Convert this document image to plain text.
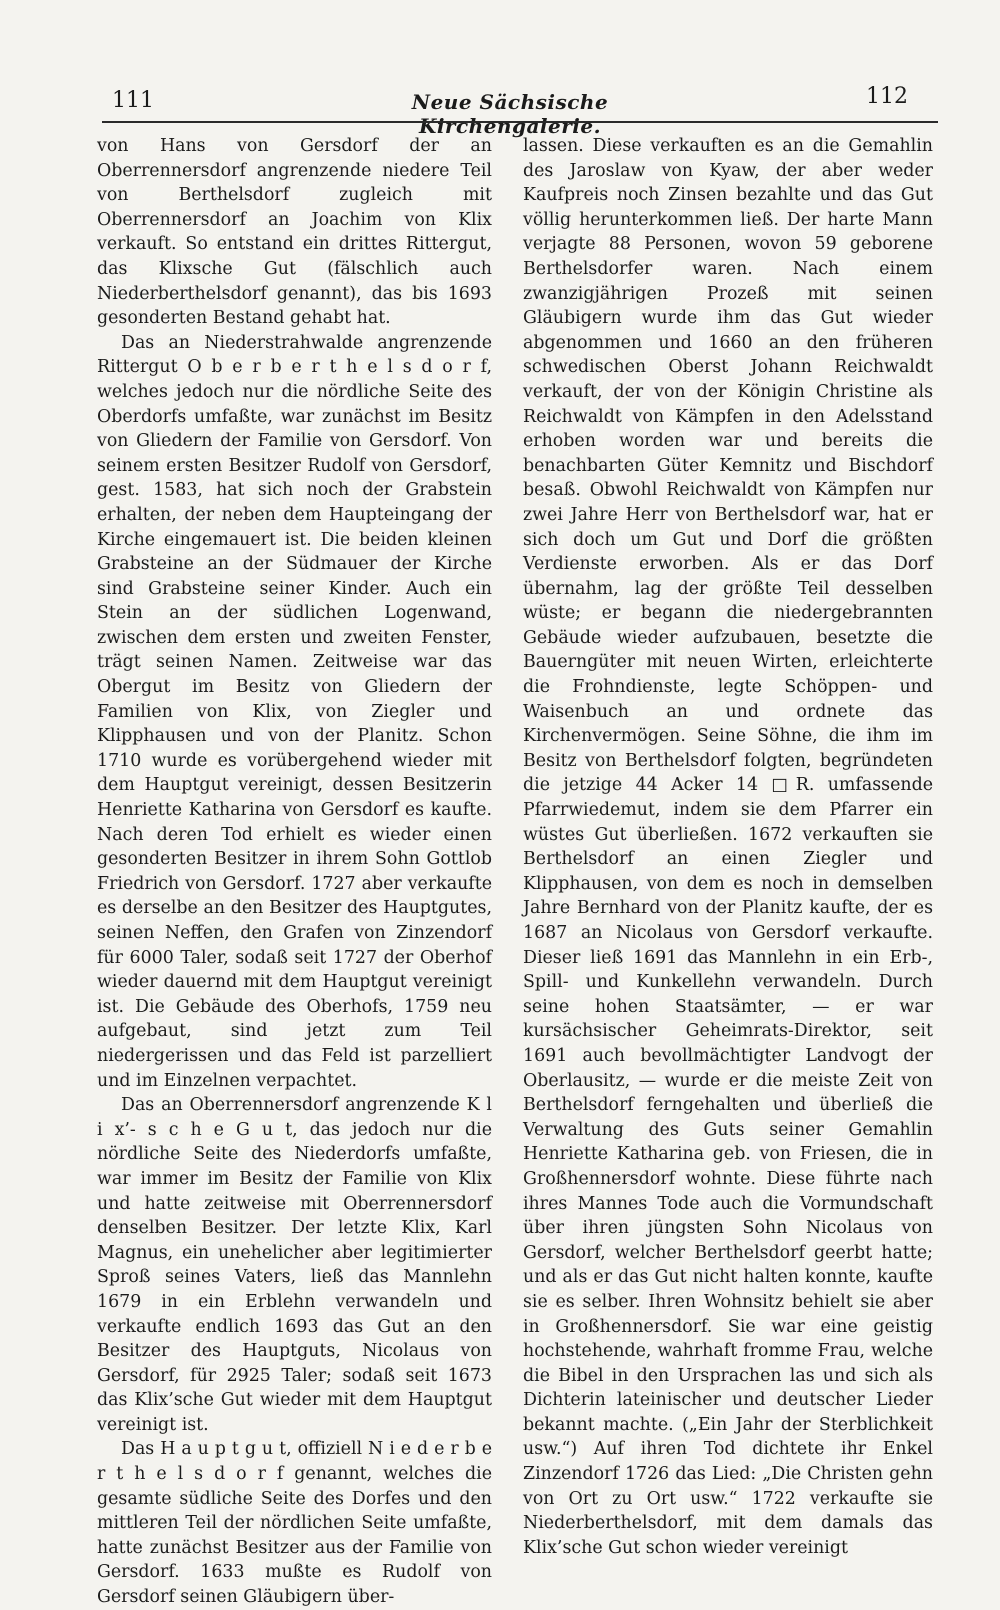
111	Neue Sächsische Kirchengalerie.
112

von Hans von Gersdorf der an Oberrennersdorf angrenzende niedere Teil von Berthelsdorf zugleich mit Oberrennersdorf an Joachim von Klix verkauft. So entstand ein drittes Rittergut, das Klixsche Gut (fälschlich auch Niederberthelsdorf genannt), das bis 1693 gesonderten Bestand gehabt hat.

Das an Niederstrahwalde angrenzende Rittergut O b e r b e r t h e l s d o r f, welches jedoch nur die nördliche Seite des Oberdorfs umfaßte, war zunächst im Besitz von Gliedern der Familie von Gersdorf. Von seinem ersten Besitzer Rudolf von Gersdorf, gest. 1583, hat sich noch der Grabstein erhalten, der neben dem Haupteingang der Kirche eingemauert ist. Die beiden kleinen Grabsteine an der Südmauer der Kirche sind Grabsteine seiner Kinder. Auch ein Stein an der südlichen Logenwand, zwischen dem ersten und zweiten Fenster, trägt seinen Namen. Zeitweise war das Obergut im Besitz von Gliedern der Familien von Klix, von Ziegler und Klipphausen und von der Planitz. Schon 1710 wurde es vorübergehend wieder mit dem Hauptgut vereinigt, dessen Besitzerin Henriette Katharina von Gersdorf es kaufte. Nach deren Tod erhielt es wieder einen gesonderten Besitzer in ihrem Sohn Gottlob Friedrich von Gersdorf. 1727 aber verkaufte es derselbe an den Besitzer des Hauptgutes, seinen Neffen, den Grafen von Zinzendorf für 6000 Taler, sodaß seit 1727 der Oberhof wieder dauernd mit dem Hauptgut vereinigt ist. Die Gebäude des Oberhofs, 1759 neu aufgebaut, sind jetzt zum Teil niedergerissen und das Feld ist parzelliert und im Einzelnen verpachtet.

Das an Oberrennersdorf angrenzende K l i x’- s c h e G u t, das jedoch nur die nördliche Seite des Niederdorfs umfaßte, war immer im Besitz der Familie von Klix und hatte zeitweise mit Oberrennersdorf denselben Besitzer. Der letzte Klix, Karl Magnus, ein unehelicher aber legitimierter Sproß seines Vaters, ließ das Mannlehn 1679 in ein Erblehn verwandeln und verkaufte endlich 1693 das Gut an den Besitzer des Hauptguts, Nicolaus von Gersdorf, für 2925 Taler; sodaß seit 1673 das Klix’sche Gut wieder mit dem Hauptgut vereinigt ist.

Das H a u p t g u t, offiziell N i e d e r b e r t h e l s d o r f genannt, welches die gesamte südliche Seite des Dorfes und den mittleren Teil der nördlichen Seite umfaßte, hatte zunächst Besitzer aus der Familie von Gersdorf. 1633 mußte es Rudolf von Gersdorf seinen Gläubigern über-

lassen. Diese verkauften es an die Gemahlin des Jaroslaw von Kyaw, der aber weder Kaufpreis noch Zinsen bezahlte und das Gut völlig herunterkommen ließ. Der harte Mann verjagte 88 Personen, wovon 59 geborene Berthelsdorfer waren. Nach einem zwanzigjährigen Prozeß mit seinen Gläubigern wurde ihm das Gut wieder abgenommen und 1660 an den früheren schwedischen Oberst Johann Reichwaldt verkauft, der von der Königin Christine als Reichwaldt von Kämpfen in den Adelsstand erhoben worden war und bereits die benachbarten Güter Kemnitz und Bischdorf besaß. Obwohl Reichwaldt von Kämpfen nur zwei Jahre Herr von Berthelsdorf war, hat er sich doch um Gut und Dorf die größten Verdienste erworben. Als er das Dorf übernahm, lag der größte Teil desselben wüste; er begann die niedergebrannten Gebäude wieder aufzubauen, besetzte die Bauerngüter mit neuen Wirten, erleichterte die Frohndienste, legte Schöppen- und Waisenbuch an und ordnete das Kirchenvermögen. Seine Söhne, die ihm im Besitz von Berthelsdorf folgten, begründeten die jetzige 44 Acker 14 □R. umfassende Pfarrwiedemut, indem sie dem Pfarrer ein wüstes Gut überließen. 1672 verkauften sie Berthelsdorf an einen Ziegler und Klipphausen, von dem es noch in demselben Jahre Bernhard von der Planitz kaufte, der es 1687 an Nicolaus von Gersdorf verkaufte. Dieser ließ 1691 das Mannlehn in ein Erb-, Spill- und Kunkellehn verwandeln. Durch seine hohen Staatsämter, — er war kursächsischer Geheimrats-Direktor, seit 1691 auch bevollmächtigter Landvogt der Oberlausitz, — wurde er die meiste Zeit von Berthelsdorf ferngehalten und überließ die Verwaltung des Guts seiner Gemahlin Henriette Katharina geb. von Friesen, die in Großhennersdorf wohnte. Diese führte nach ihres Mannes Tode auch die Vormundschaft über ihren jüngsten Sohn Nicolaus von Gersdorf, welcher Berthelsdorf geerbt hatte; und als er das Gut nicht halten konnte, kaufte sie es selber. Ihren Wohnsitz behielt sie aber in Großhennersdorf. Sie war eine geistig hochstehende, wahrhaft fromme Frau, welche die Bibel in den Ursprachen las und sich als Dichterin lateinischer und deutscher Lieder bekannt machte. („Ein Jahr der Sterblichkeit usw.“) Auf ihren Tod dichtete ihr Enkel Zinzendorf 1726 das Lied: „Die Christen gehn von Ort zu Ort usw.“ 1722 verkaufte sie Niederberthelsdorf, mit dem damals das Klix’sche Gut schon wieder vereinigt
